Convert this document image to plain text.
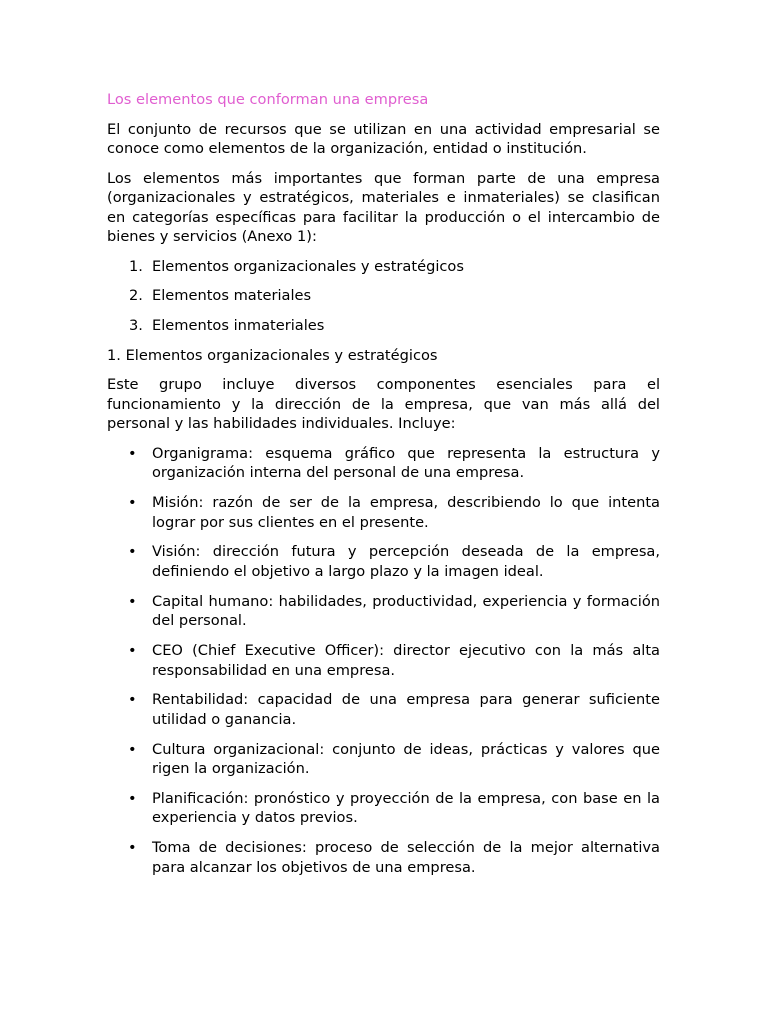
Los elementos que conforman una empresa

El conjunto de recursos que se utilizan en una actividad empresarial se conoce como elementos de la organización, entidad o institución.

Los elementos más importantes que forman parte de una empresa (organizacionales y estratégicos, materiales e inmateriales) se clasifican en categorías específicas para facilitar la producción o el intercambio de bienes y servicios (Anexo 1):

1. Elementos organizacionales y estratégicos
2. Elementos materiales
3. Elementos inmateriales
1. Elementos organizacionales y estratégicos

Este grupo incluye diversos componentes esenciales para el funcionamiento y la dirección de la empresa, que van más allá del personal y las habilidades individuales. Incluye:

• Organigrama: esquema gráfico que representa la estructura y organización interna del personal de una empresa.
• Misión: razón de ser de la empresa, describiendo lo que intenta lograr por sus clientes en el presente.
• Visión: dirección futura y percepción deseada de la empresa, definiendo el objetivo a largo plazo y la imagen ideal.
• Capital humano: habilidades, productividad, experiencia y formación del personal.
• CEO (Chief Executive Officer): director ejecutivo con la más alta responsabilidad en una empresa.
• Rentabilidad: capacidad de una empresa para generar suficiente utilidad o ganancia.
• Cultura organizacional: conjunto de ideas, prácticas y valores que rigen la organización.
• Planificación: pronóstico y proyección de la empresa, con base en la experiencia y datos previos.
• Toma de decisiones: proceso de selección de la mejor alternativa para alcanzar los objetivos de una empresa.
